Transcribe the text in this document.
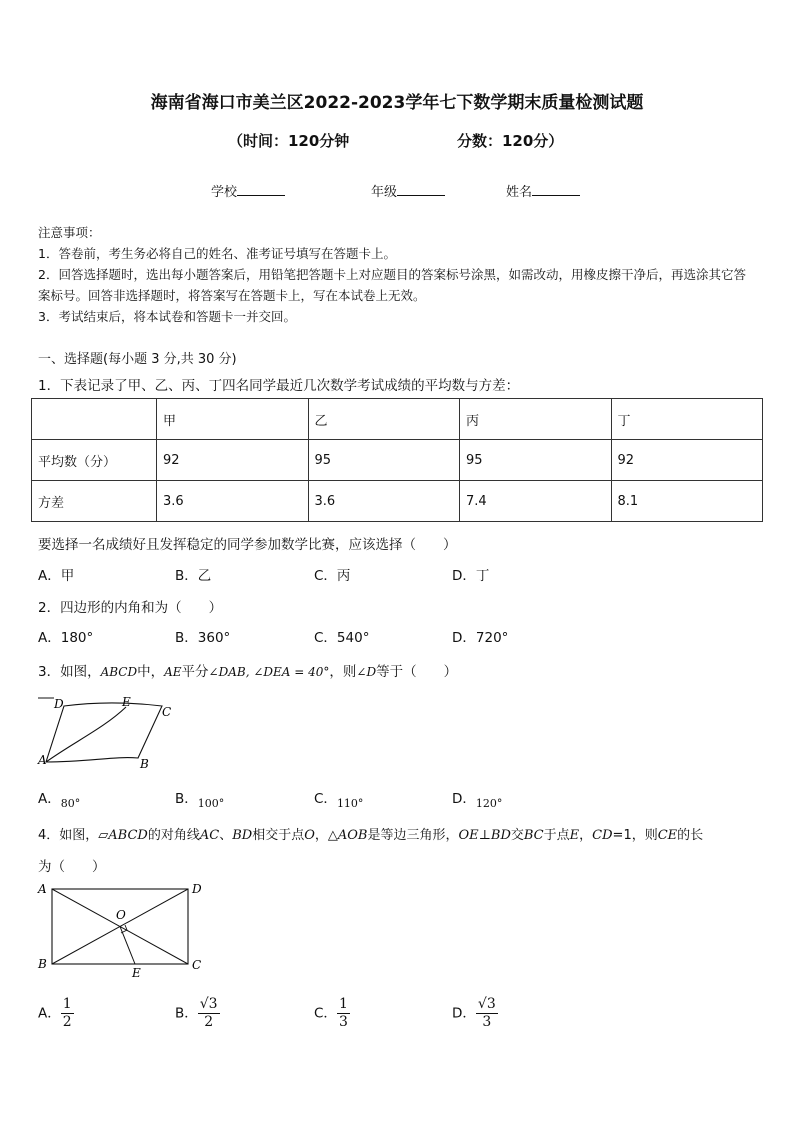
海南省海口市美兰区2022-2023学年七下数学期末质量检测试题
（时间：120分钟	分数：120分）
学校	年级	姓名
注意事项：
1．答卷前，考生务必将自己的姓名、准考证号填写在答题卡上。
2．回答选择题时，选出每小题答案后，用铅笔把答题卡上对应题目的答案标号涂黑，如需改动，用橡皮擦干净后，再选涂其它答案标号。回答非选择题时，将答案写在答题卡上，写在本试卷上无效。
3．考试结束后，将本试卷和答题卡一并交回。
一、选择题(每小题 3 分,共 30 分)
1．下表记录了甲、乙、丙、丁四名同学最近几次数学考试成绩的平均数与方差：
	甲	乙	丙	丁
平均数（分）	92	95	95	92
方差	3.6	3.6	7.4	8.1
要选择一名成绩好且发挥稳定的同学参加数学比赛，应该选择（　　）
A．甲	B．乙	C．丙	D．丁
2．四边形的内角和为（　　）
A．180°	B．360°	C．540°	D．720°
3．如图，ABCD中，AE平分∠DAB, ∠DEA = 40°，则∠D等于（　　）
D	E
C
A	B
A．$_{80^\circ}$	B．$_{100^\circ}$	C．$_{110^\circ}$	D．$_{120^\circ}$
4．如图，▱ABCD的对角线AC、BD相交于点O，△AOB是等边三角形，OE⊥BD交BC于点E，CD=1，则CE的长
为（　　）
A	D
O
B
E
C
A． $\frac{1}{2}$	B． $\frac{√3}{2}$	C． $\frac{1}{3}$	D． $\frac{√3}{3}$
